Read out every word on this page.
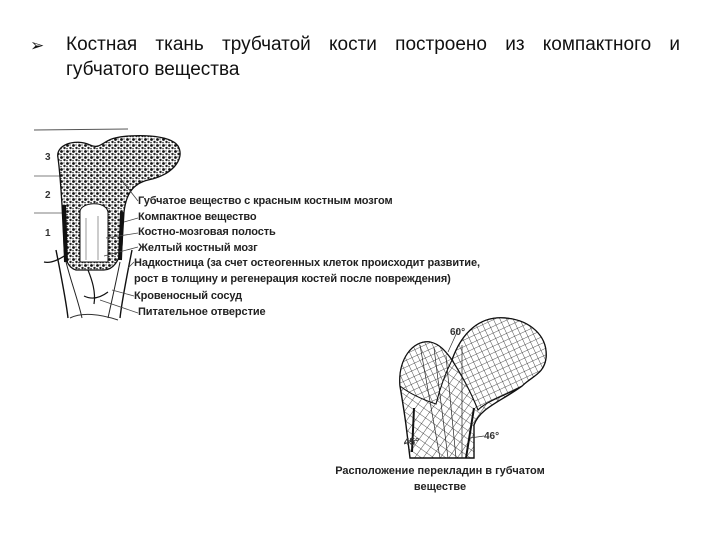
➢ Костная ткань трубчатой кости построено из компактного и
губчатого вещества
3
2
1
Губчатое вещество с красным костным мозгом
Компактное вещество
Костно-мозговая полость
Желтый костный мозг
Надкостница (за счет остеогенных клеток происходит развитие,
рост в толщину и регенерация костей после повреждения)
Кровеносный сосуд
Питательное отверстие
60°
45°
46°
Расположение перекладин в губчатом
веществе
